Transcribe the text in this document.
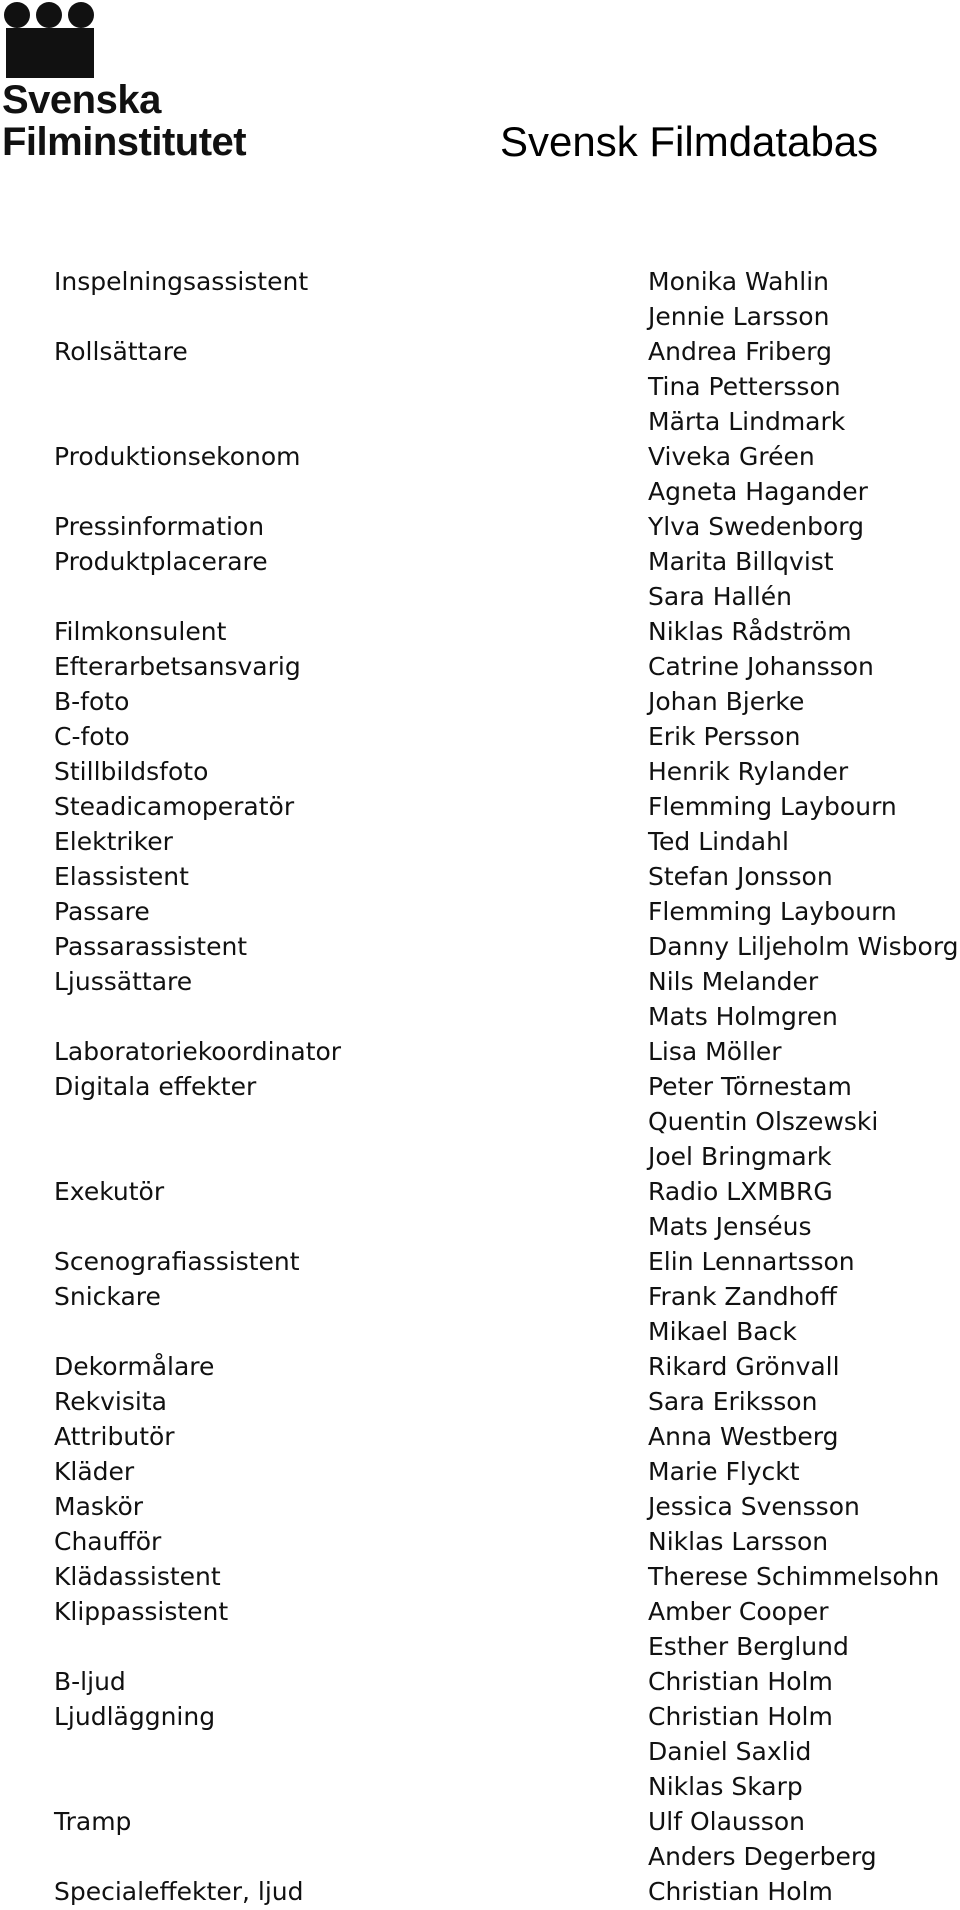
Svenska
Filminstitutet	Svensk Filmdatabas
Inspelningsassistent	Monika Wahlin
Jennie Larsson
Rollsättare	Andrea Friberg
Tina Pettersson
Märta Lindmark
Produktionsekonom	Viveka Gréen
Agneta Hagander
Pressinformation	Ylva Swedenborg
Produktplacerare	Marita Billqvist
Sara Hallén
Filmkonsulent	Niklas Rådström
Efterarbetsansvarig	Catrine Johansson
B-foto	Johan Bjerke
C-foto	Erik Persson
Stillbildsfoto	Henrik Rylander
Steadicamoperatör	Flemming Laybourn
Elektriker	Ted Lindahl
Elassistent	Stefan Jonsson
Passare	Flemming Laybourn
Passarassistent	Danny Liljeholm Wisborg
Ljussättare	Nils Melander
Mats Holmgren
Laboratoriekoordinator	Lisa Möller
Digitala effekter	Peter Törnestam
Quentin Olszewski
Joel Bringmark
Exekutör	Radio LXMBRG
Mats Jenséus
Scenografiassistent	Elin Lennartsson
Snickare	Frank Zandhoff
Mikael Back
Dekormålare	Rikard Grönvall
Rekvisita	Sara Eriksson
Attributör	Anna Westberg
Kläder	Marie Flyckt
Maskör	Jessica Svensson
Chaufför	Niklas Larsson
Klädassistent	Therese Schimmelsohn
Klippassistent	Amber Cooper
Esther Berglund
B-ljud	Christian Holm
Ljudläggning	Christian Holm
Daniel Saxlid
Niklas Skarp
Tramp	Ulf Olausson
Anders Degerberg
Specialeffekter, ljud	Christian Holm
